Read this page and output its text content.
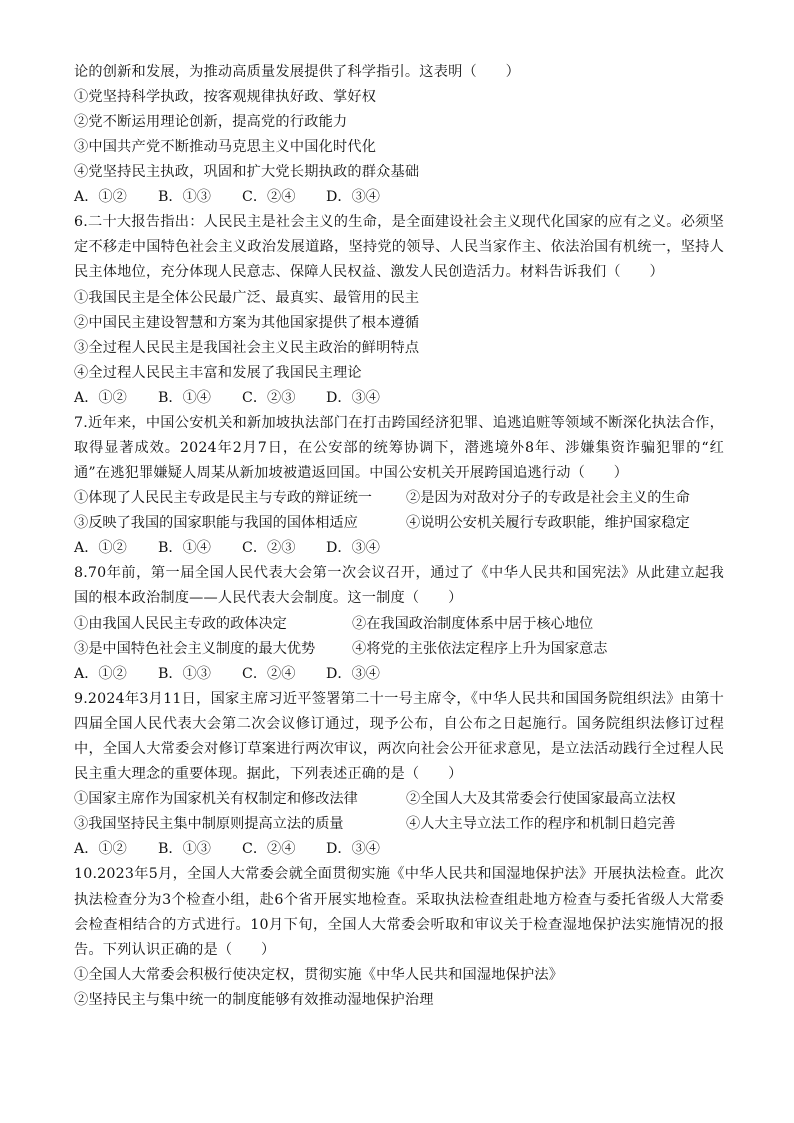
论的创新和发展，为推动高质量发展提供了科学指引。这表明（　　）
①党坚持科学执政，按客观规律执好政、掌好权
②党不断运用理论创新，提高党的行政能力
③中国共产党不断推动马克思主义中国化时代化
④党坚持民主执政，巩固和扩大党长期执政的群众基础
A．①②	B．①③	C．②④	D．③④
6.二十大报告指出：人民民主是社会主义的生命，是全面建设社会主义现代化国家的应有之义。必须坚定不移走中国特色社会主义政治发展道路，坚持党的领导、人民当家作主、依法治国有机统一，坚持人民主体地位，充分体现人民意志、保障人民权益、激发人民创造活力。材料告诉我们（　　）
①我国民主是全体公民最广泛、最真实、最管用的民主
②中国民主建设智慧和方案为其他国家提供了根本遵循
③全过程人民民主是我国社会主义民主政治的鲜明特点
④全过程人民民主丰富和发展了我国民主理论
A．①②	B．①④	C．②③	D．③④
7.近年来，中国公安机关和新加坡执法部门在打击跨国经济犯罪、追逃追赃等领域不断深化执法合作，取得显著成效。2024年2月7日，在公安部的统筹协调下，潜逃境外8年、涉嫌集资诈骗犯罪的“红通”在逃犯罪嫌疑人周某从新加坡被遣返回国。中国公安机关开展跨国追逃行动（　　）
①体现了人民民主专政是民主与专政的辩证统一	②是因为对敌对分子的专政是社会主义的生命
③反映了我国的国家职能与我国的国体相适应	④说明公安机关履行专政职能，维护国家稳定
A．①②	B．①④	C．②③	D．③④
8.70年前，第一届全国人民代表大会第一次会议召开，通过了《中华人民共和国宪法》从此建立起我国的根本政治制度——人民代表大会制度。这一制度（　　）
①由我国人民民主专政的政体决定	②在我国政治制度体系中居于核心地位
③是中国特色社会主义制度的最大优势	④将党的主张依法定程序上升为国家意志
A．①②	B．①③	C．②④	D．③④
9.2024年3月11日，国家主席习近平签署第二十一号主席令，《中华人民共和国国务院组织法》由第十四届全国人民代表大会第二次会议修订通过，现予公布，自公布之日起施行。国务院组织法修订过程中，全国人大常委会对修订草案进行两次审议，两次向社会公开征求意见，是立法活动践行全过程人民民主重大理念的重要体现。据此，下列表述正确的是（　　）
①国家主席作为国家机关有权制定和修改法律	②全国人大及其常委会行使国家最高立法权
③我国坚持民主集中制原则提高立法的质量	④人大主导立法工作的程序和机制日趋完善
A．①②	B．①③	C．②④	D．③④
10.2023年5月，全国人大常委会就全面贯彻实施《中华人民共和国湿地保护法》开展执法检查。此次执法检查分为3个检查小组，赴6个省开展实地检查。采取执法检查组赴地方检查与委托省级人大常委会检查相结合的方式进行。10月下旬，全国人大常委会听取和审议关于检查湿地保护法实施情况的报告。下列认识正确的是（　　）
①全国人大常委会积极行使决定权，贯彻实施《中华人民共和国湿地保护法》
②坚持民主与集中统一的制度能够有效推动湿地保护治理
